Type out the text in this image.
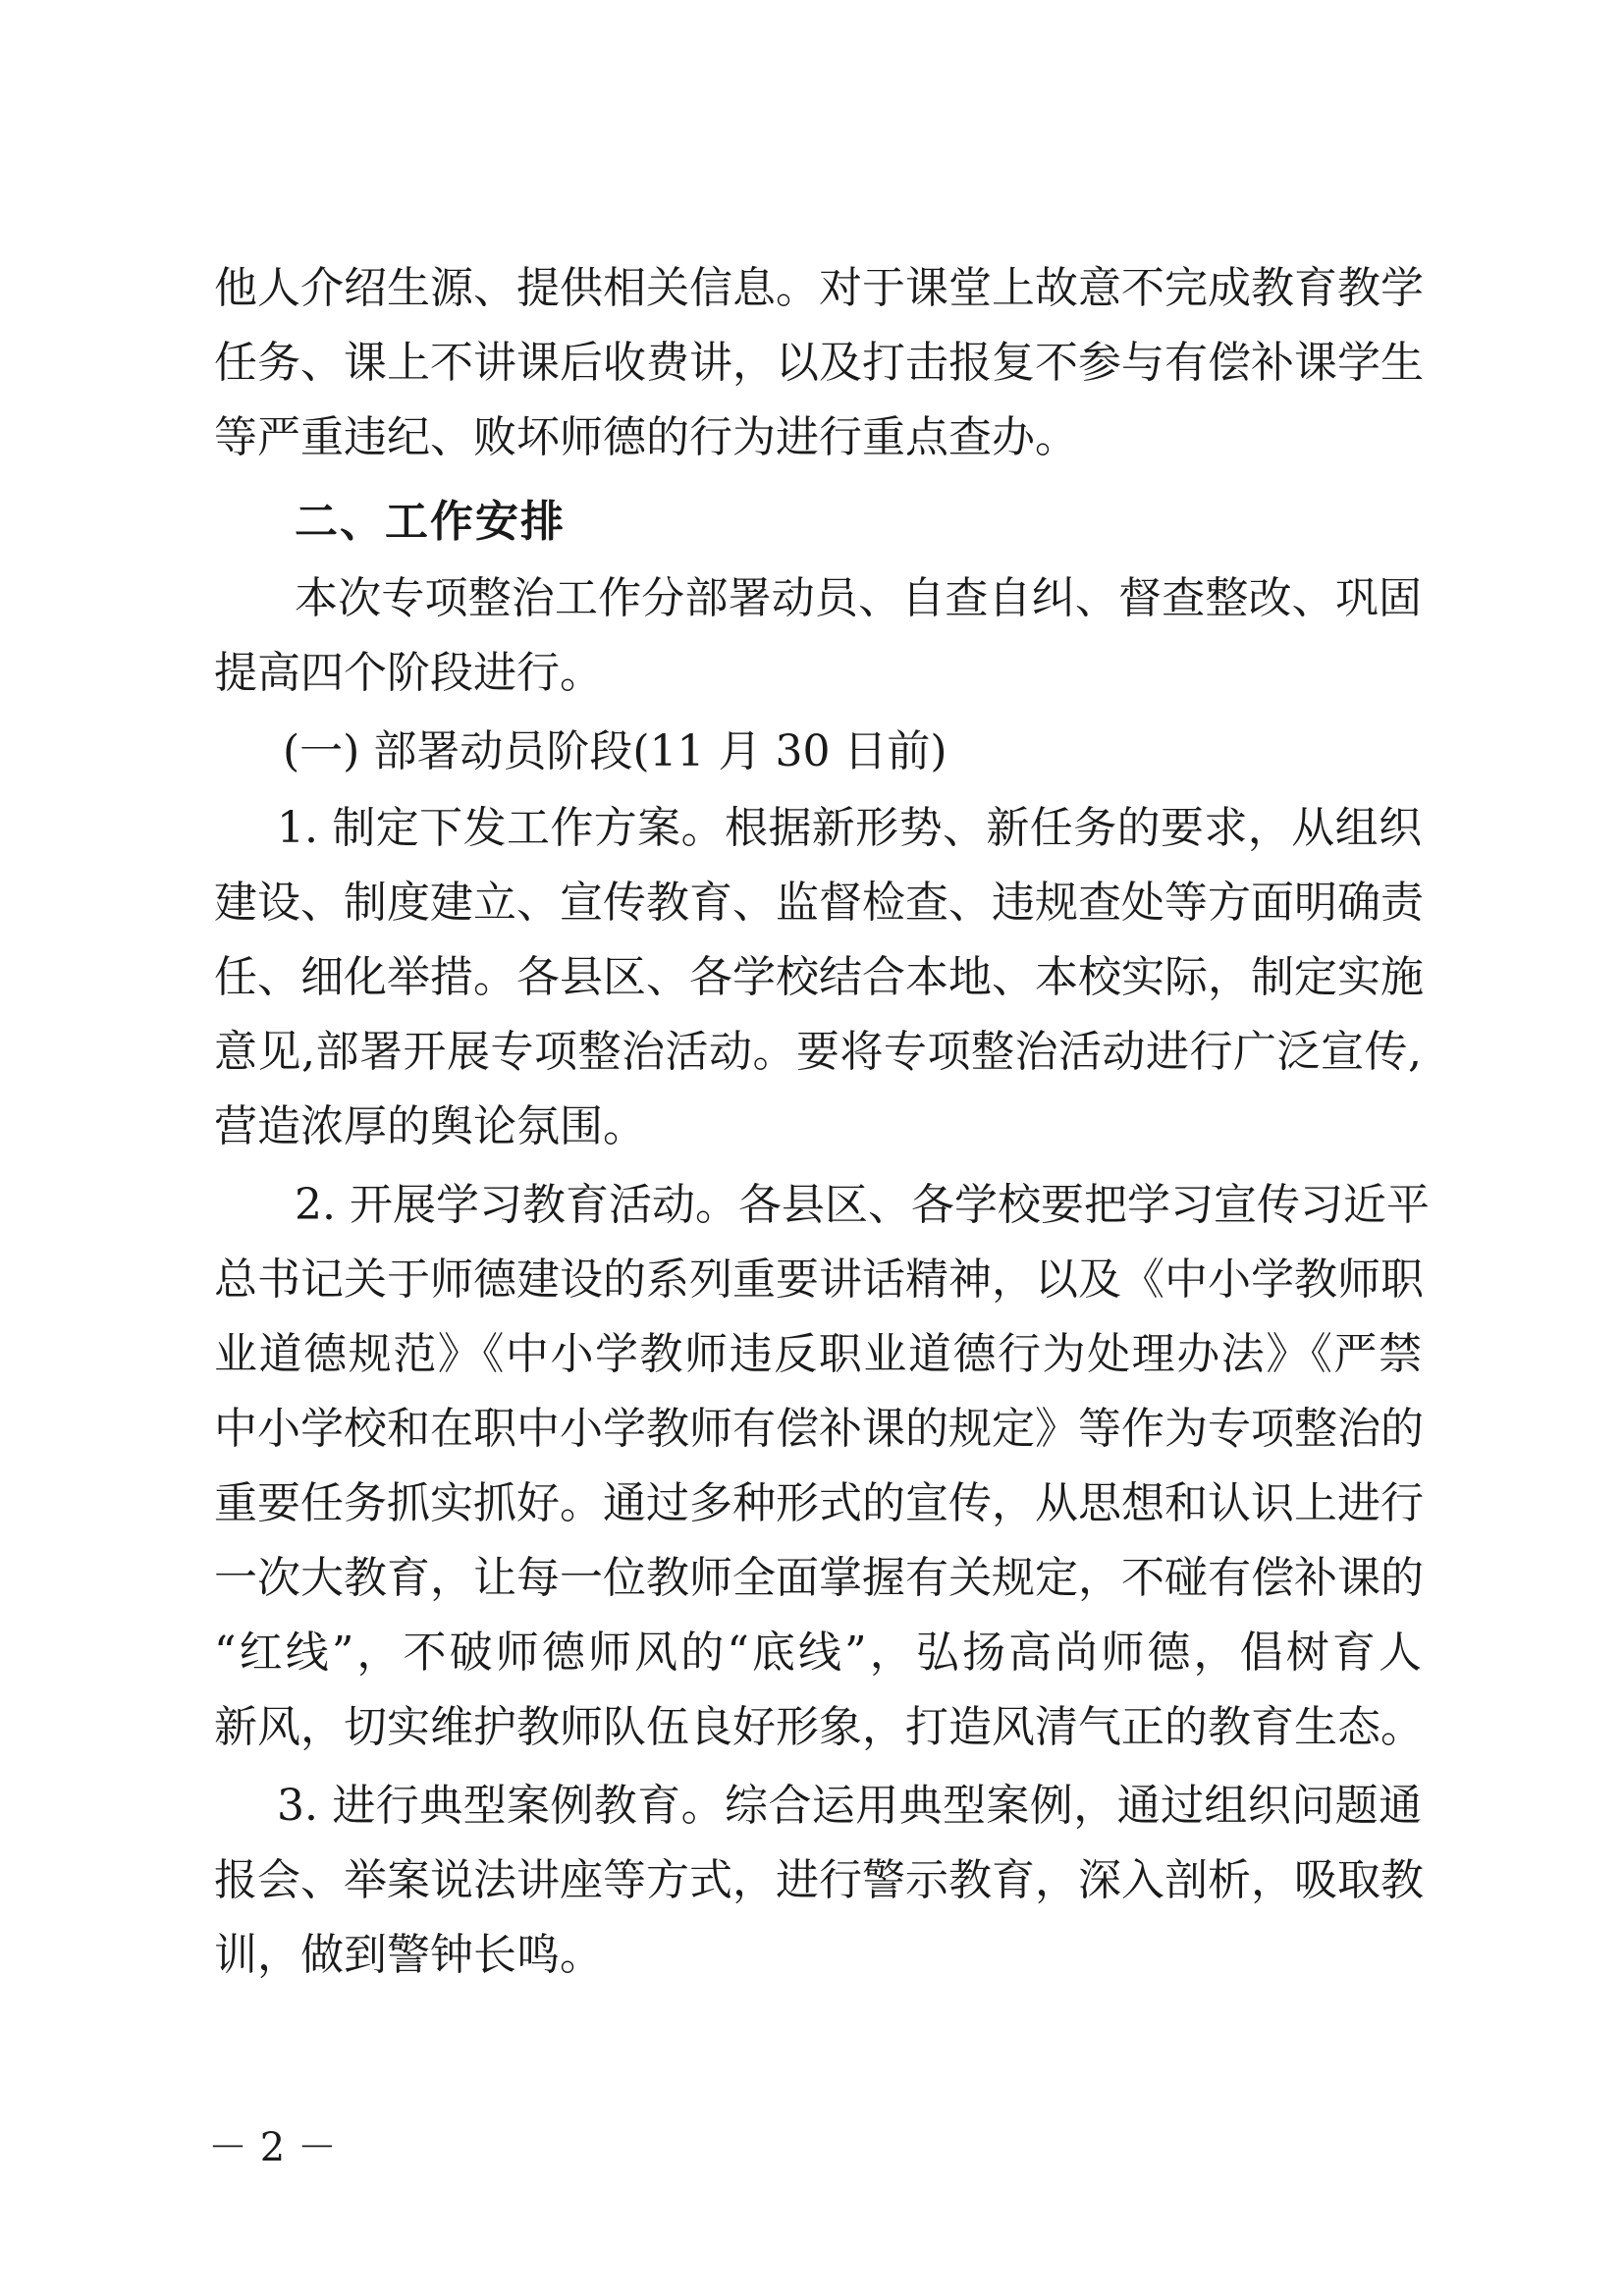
他人介绍生源、提供相关信息。对于课堂上故意不完成教育教学
任务、课上不讲课后收费讲，以及打击报复不参与有偿补课学生
等严重违纪、败坏师德的行为进行重点查办。
二、工作安排
本次专项整治工作分部署动员、自查自纠、督查整改、巩固
提高四个阶段进行。
(一) 部署动员阶段(11 月 30 日前)
1. 制定下发工作方案。根据新形势、新任务的要求，从组织
建设、制度建立、宣传教育、监督检查、违规查处等方面明确责
任、细化举措。各县区、各学校结合本地、本校实际，制定实施
意见,部署开展专项整治活动。要将专项整治活动进行广泛宣传,
营造浓厚的舆论氛围。
2. 开展学习教育活动。各县区、各学校要把学习宣传习近平
总书记关于师德建设的系列重要讲话精神，以及《中小学教师职
业道德规范》《中小学教师违反职业道德行为处理办法》《严禁
中小学校和在职中小学教师有偿补课的规定》等作为专项整治的
重要任务抓实抓好。通过多种形式的宣传，从思想和认识上进行
一次大教育，让每一位教师全面掌握有关规定，不碰有偿补课的
“红线”，不破师德师风的“底线”，弘扬高尚师德，倡树育人
新风，切实维护教师队伍良好形象，打造风清气正的教育生态。
3. 进行典型案例教育。综合运用典型案例，通过组织问题通
报会、举案说法讲座等方式，进行警示教育，深入剖析，吸取教
训，做到警钟长鸣。
－ 2 －
